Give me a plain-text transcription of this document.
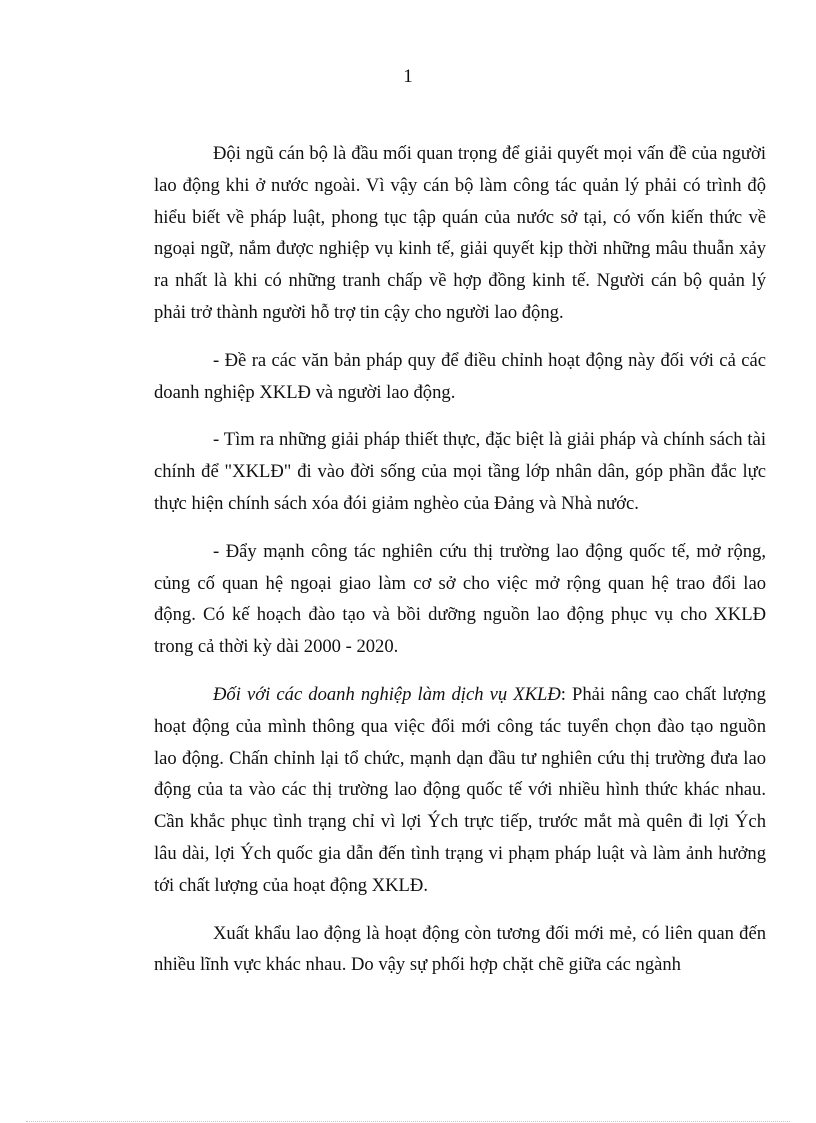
1

Đội ngũ cán bộ là đầu mối quan trọng để giải quyết mọi vấn đề của người lao động khi ở nước ngoài. Vì vậy cán bộ làm công tác quản lý phải có trình độ hiểu biết về pháp luật, phong tục tập quán của nước sở tại, có vốn kiến thức về ngoại ngữ, nắm được nghiệp vụ kinh tế, giải quyết kịp thời những mâu thuẫn xảy ra nhất là khi có những tranh chấp về hợp đồng kinh tế. Người cán bộ quản lý phải trở thành người hỗ trợ tin cậy cho người lao động.

- Đề ra các văn bản pháp quy để điều chỉnh hoạt động này đối với cả các doanh nghiệp XKLĐ và người lao động.

- Tìm ra những giải pháp thiết thực, đặc biệt là giải pháp và chính sách tài chính để "XKLĐ" đi vào đời sống của mọi tầng lớp nhân dân, góp phần đắc lực thực hiện chính sách xóa đói giảm nghèo của Đảng và Nhà nước.

- Đẩy mạnh công tác nghiên cứu thị trường lao động quốc tế, mở rộng, củng cố quan hệ ngoại giao làm cơ sở cho việc mở rộng quan hệ trao đổi lao động. Có kế hoạch đào tạo và bồi dưỡng nguồn lao động phục vụ cho XKLĐ trong cả thời kỳ dài 2000 - 2020.

Đối với các doanh nghiệp làm dịch vụ XKLĐ: Phải nâng cao chất lượng hoạt động của mình thông qua việc đổi mới công tác tuyển chọn đào tạo nguồn lao động. Chấn chỉnh lại tổ chức, mạnh dạn đầu tư nghiên cứu thị trường đưa lao động của ta vào các thị trường lao động quốc tế với nhiều hình thức khác nhau. Cần khắc phục tình trạng chỉ vì lợi Ých trực tiếp, trước mắt mà quên đi lợi Ých lâu dài, lợi Ých quốc gia dẫn đến tình trạng vi phạm pháp luật và làm ảnh hưởng tới chất lượng của hoạt động XKLĐ.

Xuất khẩu lao động là hoạt động còn tương đối mới mẻ, có liên quan đến nhiều lĩnh vực khác nhau. Do vậy sự phối hợp chặt chẽ giữa các ngành
